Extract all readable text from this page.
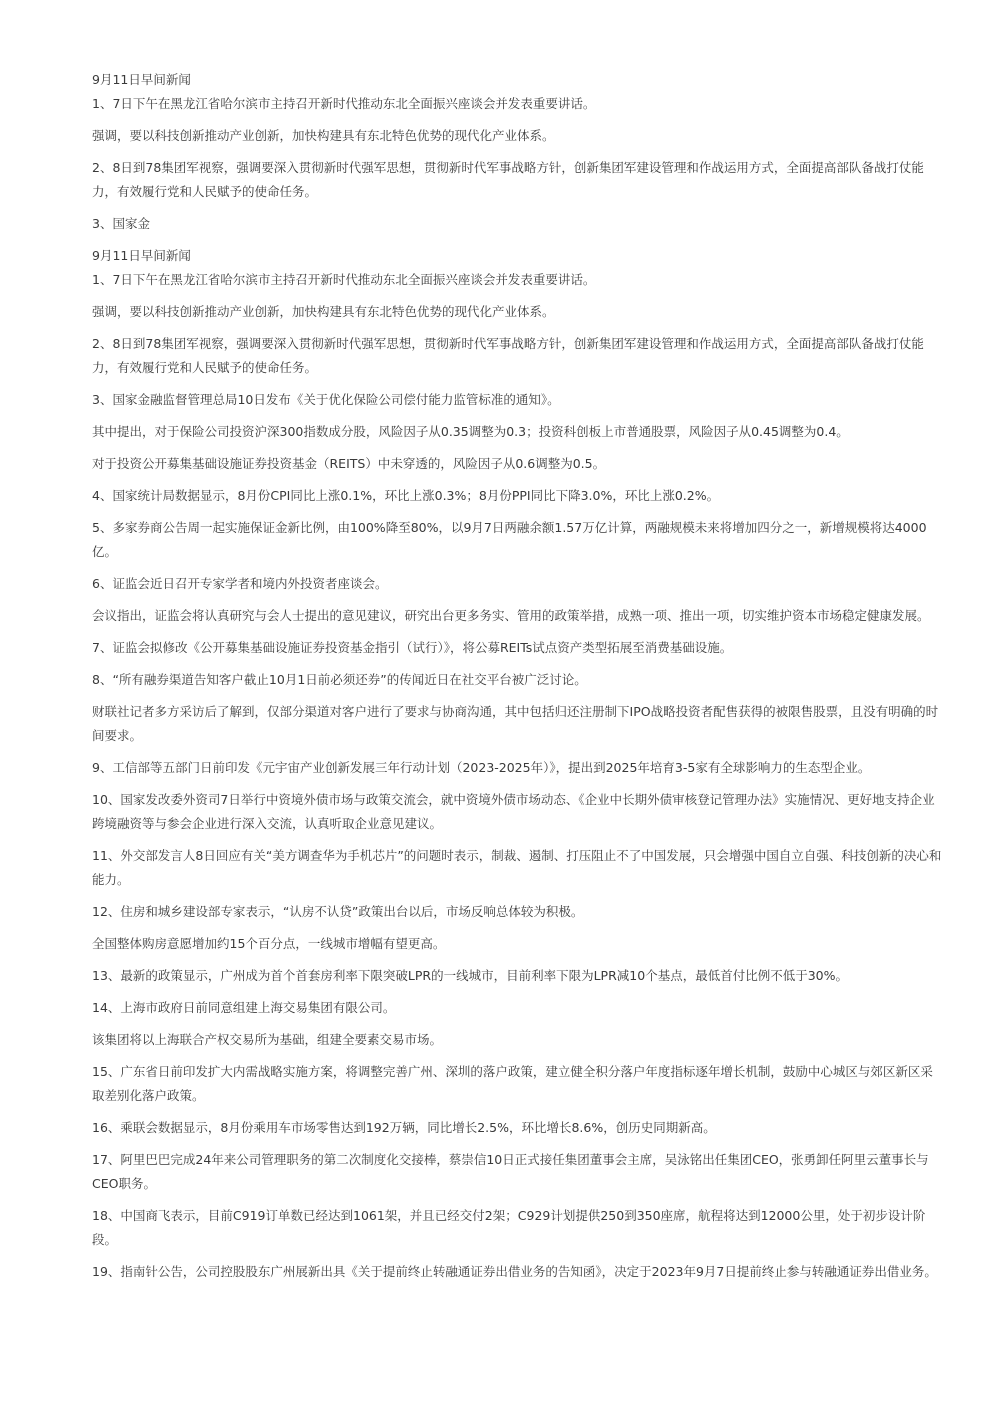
9月11日早间新闻

1、7日下午在黑龙江省哈尔滨市主持召开新时代推动东北全面振兴座谈会并发表重要讲话。

强调，要以科技创新推动产业创新，加快构建具有东北特色优势的现代化产业体系。

2、8日到78集团军视察，强调要深入贯彻新时代强军思想，贯彻新时代军事战略方针，创新集团军建设管理和作战运用方式，全面提高部队备战打仗能力，有效履行党和人民赋予的使命任务。

3、国家金

9月11日早间新闻

1、7日下午在黑龙江省哈尔滨市主持召开新时代推动东北全面振兴座谈会并发表重要讲话。

强调，要以科技创新推动产业创新，加快构建具有东北特色优势的现代化产业体系。

2、8日到78集团军视察，强调要深入贯彻新时代强军思想，贯彻新时代军事战略方针，创新集团军建设管理和作战运用方式，全面提高部队备战打仗能力，有效履行党和人民赋予的使命任务。

3、国家金融监督管理总局10日发布《关于优化保险公司偿付能力监管标准的通知》。

其中提出，对于保险公司投资沪深300指数成分股，风险因子从0.35调整为0.3；投资科创板上市普通股票，风险因子从0.45调整为0.4。

对于投资公开募集基础设施证券投资基金（REITS）中未穿透的，风险因子从0.6调整为0.5。

4、国家统计局数据显示，8月份CPI同比上涨0.1%，环比上涨0.3%；8月份PPI同比下降3.0%，环比上涨0.2%。

5、多家券商公告周一起实施保证金新比例，由100%降至80%，以9月7日两融余额1.57万亿计算，两融规模未来将增加四分之一，新增规模将达4000亿。

6、证监会近日召开专家学者和境内外投资者座谈会。

会议指出，证监会将认真研究与会人士提出的意见建议，研究出台更多务实、管用的政策举措，成熟一项、推出一项，切实维护资本市场稳定健康发展。

7、证监会拟修改《公开募集基础设施证券投资基金指引（试行）》，将公募REITs试点资产类型拓展至消费基础设施。

8、“所有融券渠道告知客户截止10月1日前必须还券”的传闻近日在社交平台被广泛讨论。

财联社记者多方采访后了解到，仅部分渠道对客户进行了要求与协商沟通，其中包括归还注册制下IPO战略投资者配售获得的被限售股票，且没有明确的时间要求。

9、工信部等五部门日前印发《元宇宙产业创新发展三年行动计划（2023-2025年）》，提出到2025年培育3-5家有全球影响力的生态型企业。

10、国家发改委外资司7日举行中资境外债市场与政策交流会，就中资境外债市场动态、《企业中长期外债审核登记管理办法》实施情况、更好地支持企业跨境融资等与参会企业进行深入交流，认真听取企业意见建议。

11、外交部发言人8日回应有关“美方调查华为手机芯片”的问题时表示，制裁、遏制、打压阻止不了中国发展，只会增强中国自立自强、科技创新的决心和能力。

12、住房和城乡建设部专家表示，“认房不认贷”政策出台以后，市场反响总体较为积极。

全国整体购房意愿增加约15个百分点，一线城市增幅有望更高。

13、最新的政策显示，广州成为首个首套房利率下限突破LPR的一线城市，目前利率下限为LPR减10个基点，最低首付比例不低于30%。

14、上海市政府日前同意组建上海交易集团有限公司。

该集团将以上海联合产权交易所为基础，组建全要素交易市场。

15、广东省日前印发扩大内需战略实施方案，将调整完善广州、深圳的落户政策，建立健全积分落户年度指标逐年增长机制，鼓励中心城区与郊区新区采取差别化落户政策。

16、乘联会数据显示，8月份乘用车市场零售达到192万辆，同比增长2.5%，环比增长8.6%，创历史同期新高。

17、阿里巴巴完成24年来公司管理职务的第二次制度化交接棒，蔡崇信10日正式接任集团董事会主席，吴泳铭出任集团CEO，张勇卸任阿里云董事长与CEO职务。

18、中国商飞表示，目前C919订单数已经达到1061架，并且已经交付2架；C929计划提供250到350座席，航程将达到12000公里，处于初步设计阶段。

19、指南针公告，公司控股股东广州展新出具《关于提前终止转融通证券出借业务的告知函》，决定于2023年9月7日提前终止参与转融通证券出借业务。
